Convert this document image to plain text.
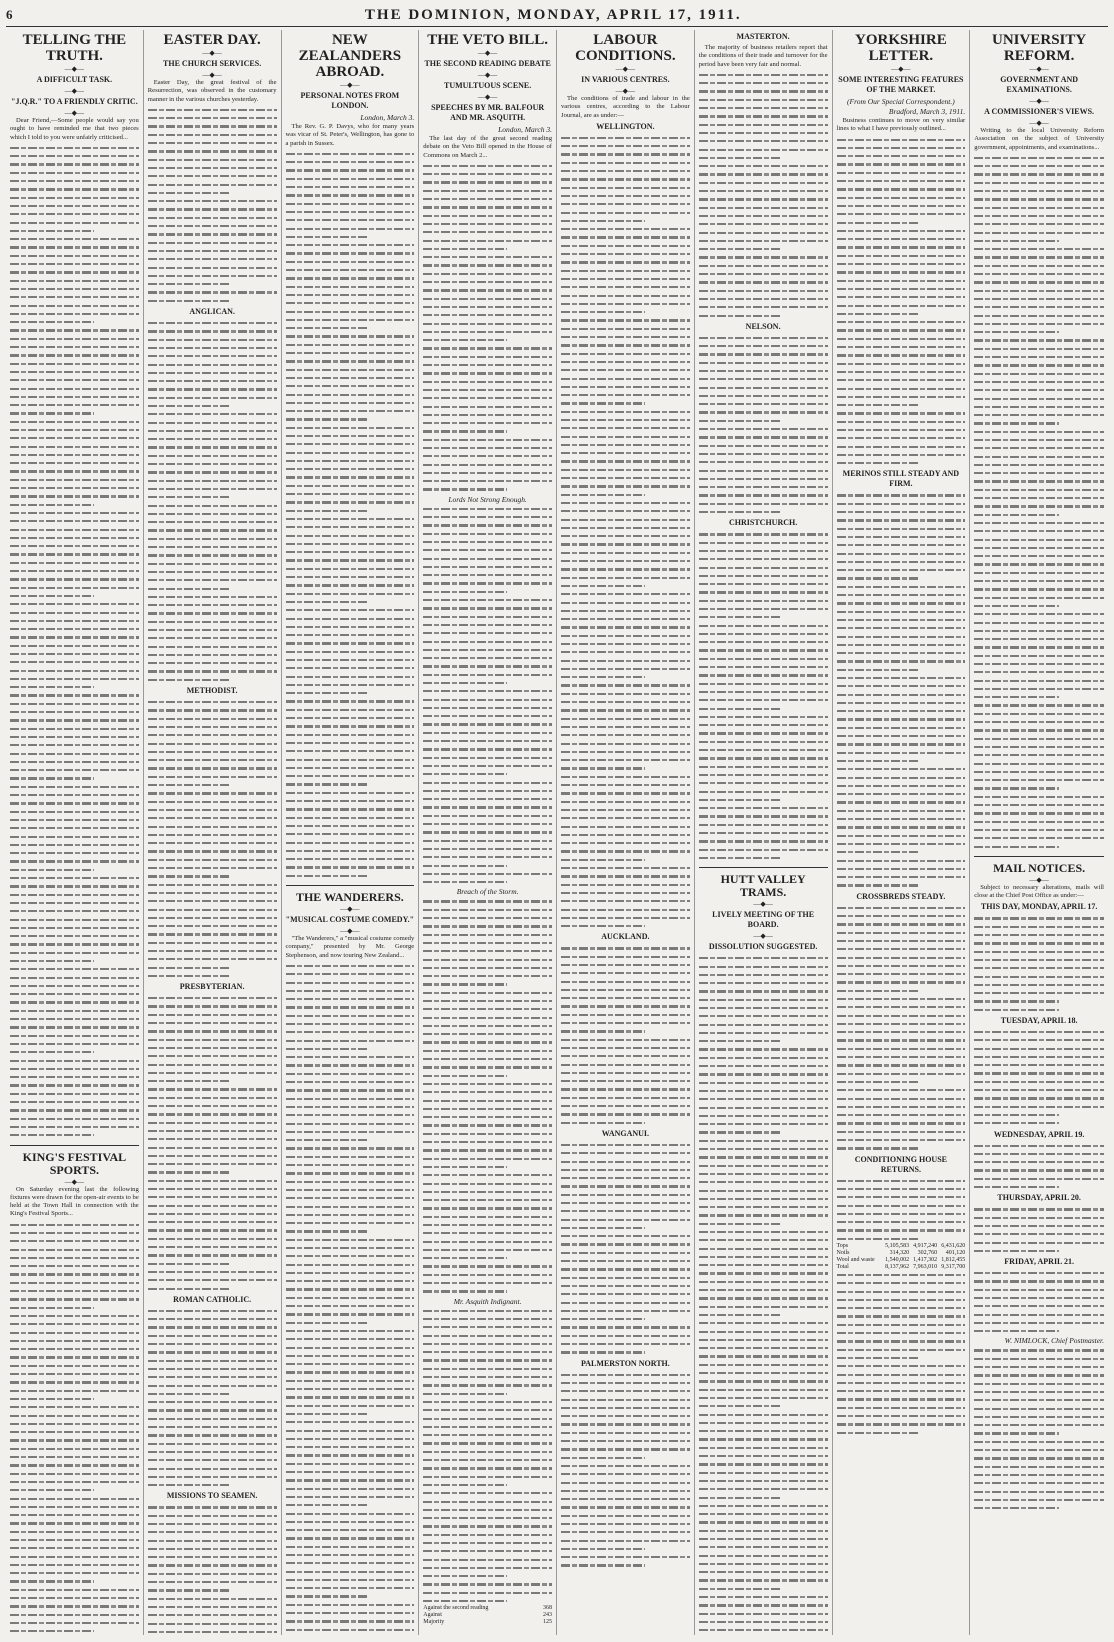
6	THE DOMINION, MONDAY, APRIL 17, 1911.
TELLING THE TRUTH.
—◆—
A DIFFICULT TASK.
—◆—
"J.Q.R." TO A FRIENDLY CRITIC.
—◆—

Dear Friend,—Some people would say you ought to have reminded me that two pieces which I told to you were unfairly criticised...

KING'S FESTIVAL SPORTS.
—◆—

On Saturday evening last the following fixtures were drawn for the open-air events to be held at the Town Hall in connection with the King's Festival Sports...

EASTER DAY.
—◆—
THE CHURCH SERVICES.
—◆—

Easter Day, the great festival of the Resurrection, was observed in the customary manner in the various churches yesterday.

ANGLICAN.
METHODIST.
PRESBYTERIAN.
ROMAN CATHOLIC.
MISSIONS TO SEAMEN.
NEW ZEALANDERS ABROAD.
—◆—
PERSONAL NOTES FROM LONDON.
London, March 3.

The Rev. G. P. Davys, who for many years was vicar of St. Peter's, Wellington, has gone to a parish in Sussex.

THE WANDERERS.
—◆—
"MUSICAL COSTUME COMEDY."
—◆—

"The Wanderers," a "musical costume comedy company," presented by Mr. George Stephenson, and now touring New Zealand...

THE VETO BILL.
—◆—
THE SECOND READING DEBATE
—◆—
TUMULTUOUS SCENE.
—◆—
SPEECHES BY MR. BALFOUR AND MR. ASQUITH.
London, March 3.

The last day of the great second reading debate on the Veto Bill opened in the House of Commons on March 2...

Lords Not Strong Enough.
Breach of the Storm.
Mr. Asquith Indignant.
Against the second reading	368
Against	243
Majority	125
LABOUR CONDITIONS.
—◆—
IN VARIOUS CENTRES.
—◆—

The conditions of trade and labour in the various centres, according to the Labour Journal, are as under:—

WELLINGTON.
AUCKLAND.
WANGANUI.
PALMERSTON NORTH.
MASTERTON.

The majority of business retailers report that the conditions of their trade and turnover for the period have been very fair and normal.

NELSON.
CHRISTCHURCH.
HUTT VALLEY TRAMS.
—◆—
LIVELY MEETING OF THE BOARD.
—◆—
DISSOLUTION SUGGESTED.
YORKSHIRE LETTER.
—◆—
SOME INTERESTING FEATURES OF THE MARKET.
(From Our Special Correspondent.)
Bradford, March 3, 1911.

Business continues to move on very similar lines to what I have previously outlined...

MERINOS STILL STEADY AND FIRM.
CROSSBREDS STEADY.
CONDITIONING HOUSE RETURNS.
Tops	5,105,583	4,917,240	6,431,620
Noils	314,320	302,760	401,120
Wool and waste	1,540,002	1,417,302	1,812,455
Total	8,137,962	7,963,010	9,317,700
UNIVERSITY REFORM.
—◆—
GOVERNMENT AND EXAMINATIONS.
—◆—
A COMMISSIONER'S VIEWS.
—◆—

Writing to the local University Reform Association on the subject of University government, appointments, and examinations...

MAIL NOTICES.
—◆—

Subject to necessary alterations, mails will close at the Chief Post Office as under:—

THIS DAY, MONDAY, APRIL 17.
TUESDAY, APRIL 18.
WEDNESDAY, APRIL 19.
THURSDAY, APRIL 20.
FRIDAY, APRIL 21.
W. NIMLOCK, Chief Postmaster.
